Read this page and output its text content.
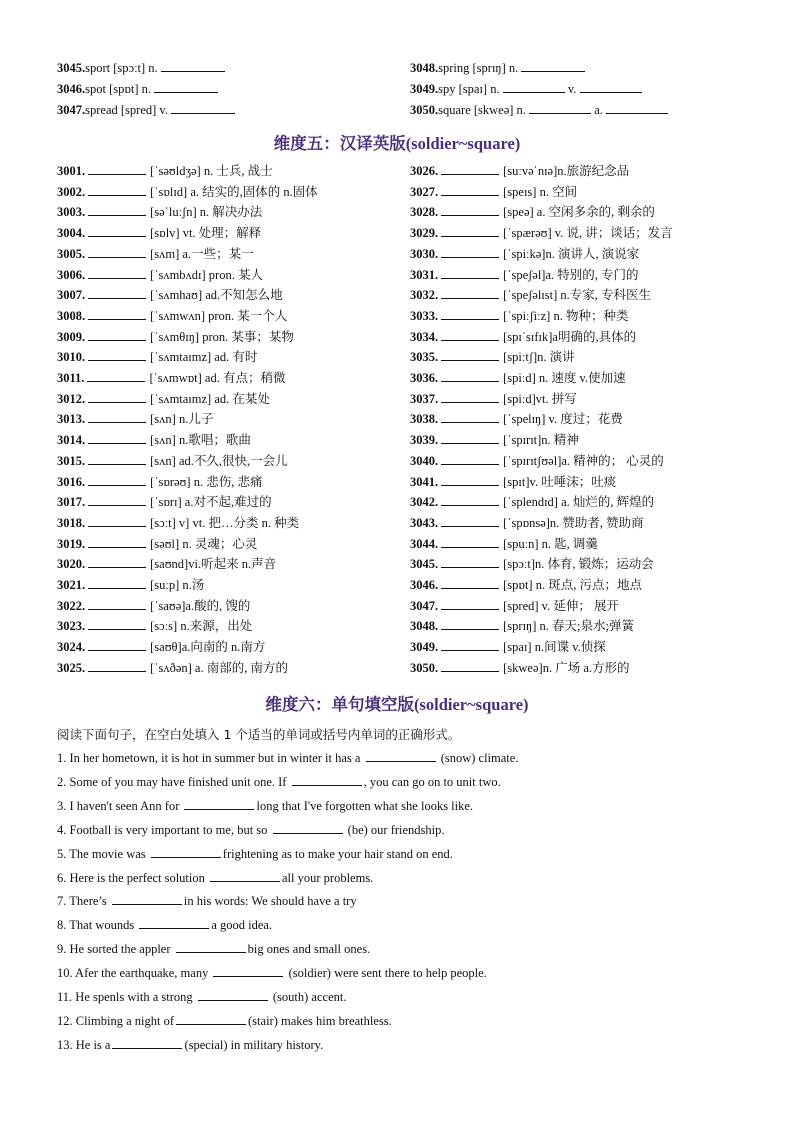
3045.sport [spɔːt] n.	3048.spring [sprɪŋ] n.
3046.spot [spɒt] n.	3049.spy [spaɪ] n.	v.
3047.spread [spred] v.	3050.square [skweə] n.	a.
维度五：汉译英版(soldier~square)
3001.	[ˈsəʊldʒə] n. 士兵, 战士
3002.	[ˈsɒlɪd] a. 结实的,固体的 n.固体
3003.	[səˈluːʃn] n. 解决办法
3004.	[sɒlv] vt. 处理；解释
3005.	[sʌm] a.一些；某一
3006.	[ˈsʌmbʌdɪ] pron. 某人
3007.	[ˈsʌmhaʊ] ad.不知怎么地
3008.	[ˈsʌmwʌn] pron. 某一个人
3009.	[ˈsʌmθɪŋ] pron. 某事；某物
3010.	[ˈsʌmtaɪmz] ad. 有时
3011.	[ˈsʌmwɒt] ad. 有点；稍微
3012.	[ˈsʌmtaɪmz] ad. 在某处
3013.	[sʌn] n.儿子
3014.	[sʌn] n.歌唱；歌曲
3015.	[sʌn] ad.不久,很快,一会儿
3016.	[ˈsɒrəʊ] n. 悲伤, 悲痛
3017.	[ˈsɒrɪ] a.对不起,难过的
3018.	[sɔːt] v] vt. 把…分类 n. 种类
3019.	[səʊl] n. 灵魂；心灵
3020.	[saʊnd]vi.听起来 n.声音
3021.	[suːp] n.汤
3022.	[ˈsaʊə]a.酸的, 馊的
3023.	[sɔːs] n.来源，出处
3024.	[saʊθ]a.向南的 n.南方
3025.	[ˈsʌðən] a. 南部的, 南方的
3026.	[suːvəˈnɪə]n.旅游纪念品
3027.	[speɪs] n. 空间
3028.	[speə] a. 空闲多余的, 剩余的
3029.	[ˈspærəʊ] v. 说, 讲；谈话；发言
3030.	[ˈspiːkə]n. 演讲人, 演说家
3031.	[ˈspeʃəl]a. 特别的, 专门的
3032.	[ˈspeʃəlɪst] n.专家, 专科医生
3033.	[ˈspiːʃiːz] n. 物种；种类
3034.	[spɪˈsɪfɪk]a明确的,具体的
3035.	[spiːtʃ]n. 演讲
3036.	[spiːd] n. 速度 v.使加速
3037.	[spiːd]vt. 拼写
3038.	[ˈspelɪŋ] v. 度过；花费
3039.	[ˈspɪrɪt]n. 精神
3040.	[ˈspɪrɪtʃʊəl]a. 精神的； 心灵的
3041.	[spɪt]v. 吐唾沫；吐痰
3042.	[ˈsplendɪd] a. 灿烂的, 辉煌的
3043.	[ˈspɒnsə]n. 赞助者, 赞助商
3044.	[spuːn] n. 匙, 调羹
3045.	[spɔːt]n. 体育, 锻炼；运动会
3046.	[spɒt] n. 斑点, 污点；地点
3047.	[spred] v. 延伸； 展开
3048.	[sprɪŋ] n. 春天;泉水;弹簧
3049.	[spaɪ] n.间谍 v.侦探
3050.	[skweə]n. 广场 a.方形的
维度六：单句填空版(soldier~square)
阅读下面句子，在空白处填入 1 个适当的单词或括号内单词的正确形式。
1. In her hometown, it is hot in summer but in winter it has a	(snow) climate.
2. Some of you may have finished unit one. If	, you can go on to unit two.
3. I haven't seen Ann for	long that I've forgotten what she looks like.
4. Football is very important to me, but so	(be) our friendship.
5. The movie was	frightening as to make your hair stand on end.
6. Here is the perfect solution	all your problems.
7. There’s	in his words: We should have a try
8. That wounds	a good idea.
9. He sorted the appler	big ones and small ones.
10. Afer the earthquake, many	(soldier) were sent there to help people.
11. He spenls with a strong	(south) accent.
12. Climbing a night of	(stair) makes him breathless.
13. He is a	(special) in military history.
